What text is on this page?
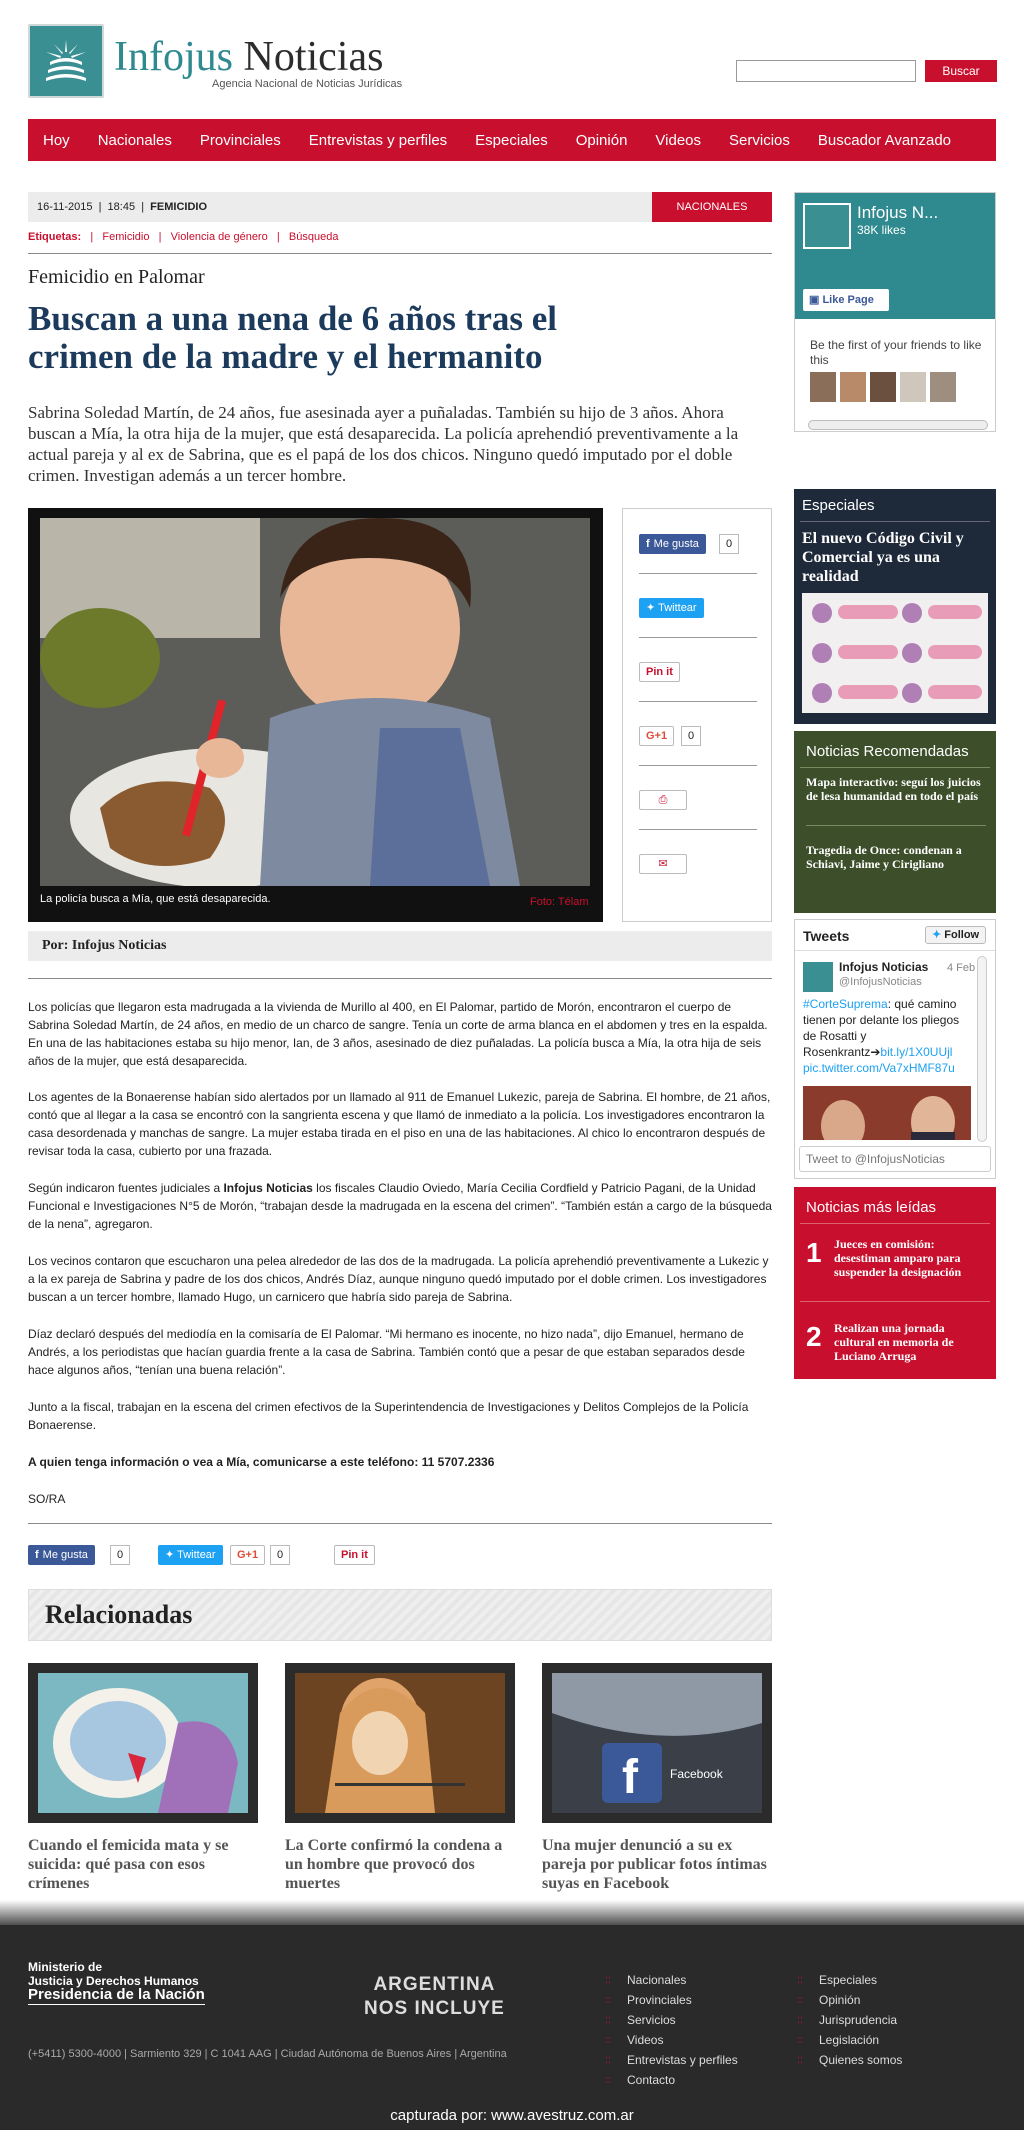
Infojus Noticias
Agencia Nacional de Noticias Jurídicas
Buscar
Hoy Nacionales Provinciales Entrevistas y perfiles Especiales Opinión Videos Servicios Buscador Avanzado
16-11-2015  |  18:45  |  FEMICIDIO	NACIONALES
Etiquetas:   |   Femicidio   |   Violencia de género   |   Búsqueda
Femicidio en Palomar
Buscan a una nena de 6 años tras el crimen de la madre y el hermanito
Sabrina Soledad Martín, de 24 años, fue asesinada ayer a puñaladas. También su hijo de 3 años. Ahora buscan a Mía, la otra hija de la mujer, que está desaparecida. La policía aprehendió preventivamente a la actual pareja y al ex de Sabrina, que es el papá de los dos chicos. Ninguno quedó imputado por el doble crimen. Investigan además a un tercer hombre.
La policía busca a Mía, que está desaparecida.	Foto: Télam
f Me gusta	0
✦ Twittear
Pin it
G+1	0
⎙
✉
Por: Infojus Noticias
Los policías que llegaron esta madrugada a la vivienda de Murillo al 400, en El Palomar, partido de Morón, encontraron el cuerpo de Sabrina Soledad Martín, de 24 años, en medio de un charco de sangre. Tenía un corte de arma blanca en el abdomen y tres en la espalda. En una de las habitaciones estaba su hijo menor, Ian, de 3 años, asesinado de diez puñaladas. La policía busca a Mía, la otra hija de seis años de la mujer, que está desaparecida.
Los agentes de la Bonaerense habían sido alertados por un llamado al 911 de Emanuel Lukezic, pareja de Sabrina. El hombre, de 21 años, contó que al llegar a la casa se encontró con la sangrienta escena y que llamó de inmediato a la policía. Los investigadores encontraron la casa desordenada y manchas de sangre. La mujer estaba tirada en el piso en una de las habitaciones. Al chico lo encontraron después de revisar toda la casa, cubierto por una frazada.
Según indicaron fuentes judiciales a Infojus Noticias los fiscales Claudio Oviedo, María Cecilia Cordfield y Patricio Pagani, de la Unidad Funcional e Investigaciones N°5 de Morón, “trabajan desde la madrugada en la escena del crimen”. “También están a cargo de la búsqueda de la nena”, agregaron.
Los vecinos contaron que escucharon una pelea alrededor de las dos de la madrugada. La policía aprehendió preventivamente a Lukezic y a la ex pareja de Sabrina y padre de los dos chicos, Andrés Díaz, aunque ninguno quedó imputado por el doble crimen. Los investigadores buscan a un tercer hombre, llamado Hugo, un carnicero que habría sido pareja de Sabrina.
Díaz declaró después del mediodía en la comisaría de El Palomar. “Mi hermano es inocente, no hizo nada”, dijo Emanuel, hermano de Andrés, a los periodistas que hacían guardia frente a la casa de Sabrina. También contó que a pesar de que estaban separados desde hace algunos años, “tenían una buena relación”.
Junto a la fiscal, trabajan en la escena del crimen efectivos de la Superintendencia de Investigaciones y Delitos Complejos de la Policía Bonaerense.
A quien tenga información o vea a Mía, comunicarse a este teléfono: 11 5707.2336
SO/RA
f Me gusta	0	✦ Twittear	G+1	0	Pin it
Relacionadas
f	Facebook
Cuando el femicida mata y se suicida: qué pasa con esos crímenes
La Corte confirmó la condena a un hombre que provocó dos muertes
Una mujer denunció a su ex pareja por publicar fotos íntimas suyas en Facebook
Infojus N...
38K likes
▣ Like Page
Be the first of your friends to like this
Especiales
El nuevo Código Civil y Comercial ya es una realidad
Noticias Recomendadas
Mapa interactivo: seguí los juicios de lesa humanidad en todo el país
Tragedia de Once: condenan a Schiavi, Jaime y Cirigliano
Tweets	✦ Follow
Infojus Noticias 4 Feb
@InfojusNoticias
#CorteSuprema: qué camino tienen por delante los pliegos de Rosatti y Rosenkrantz➔bit.ly/1X0UUjl pic.twitter.com/Va7xHMF87u
Tweet to @InfojusNoticias
Noticias más leídas
1 Jueces en comisión: desestiman amparo para suspender la designación
2 Realizan una jornada cultural en memoria de Luciano Arruga
Ministerio de
Justicia y Derechos Humanos
Presidencia de la Nación	ARGENTINA
NOS INCLUYE
(+5411) 5300-4000 | Sarmiento 329 | C 1041 AAG | Ciudad Autónoma de Buenos Aires | Argentina
:: Nacionales
:: Provinciales
:: Servicios
:: Videos
:: Entrevistas y perfiles
:: Contacto
:: Especiales
:: Opinión
:: Jurisprudencia
:: Legislación
:: Quienes somos
capturada por: www.avestruz.com.ar
